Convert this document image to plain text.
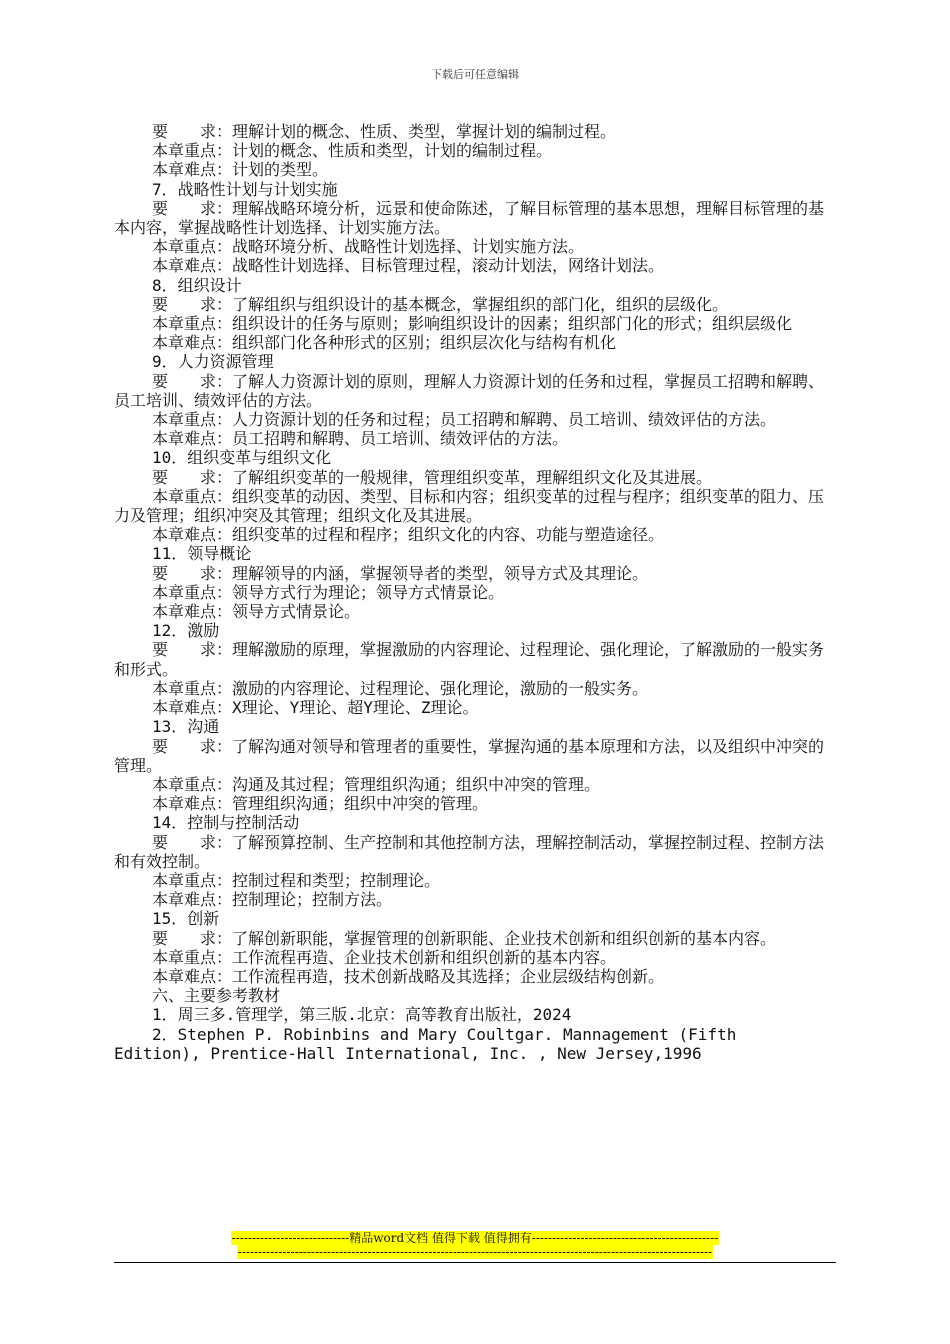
下载后可任意编辑

要　　求：理解计划的概念、性质、类型，掌握计划的编制过程。

本章重点：计划的概念、性质和类型，计划的编制过程。

本章难点：计划的类型。

7．战略性计划与计划实施

要　　求：理解战略环境分析，远景和使命陈述，了解目标管理的基本思想，理解目标管理的基本内容，掌握战略性计划选择、计划实施方法。

本章重点：战略环境分析、战略性计划选择、计划实施方法。

本章难点：战略性计划选择、目标管理过程，滚动计划法，网络计划法。

8．组织设计

要　　求：了解组织与组织设计的基本概念，掌握组织的部门化，组织的层级化。

本章重点：组织设计的任务与原则；影响组织设计的因素；组织部门化的形式；组织层级化

本章难点：组织部门化各种形式的区别；组织层次化与结构有机化

9．人力资源管理

要　　求：了解人力资源计划的原则，理解人力资源计划的任务和过程，掌握员工招聘和解聘、员工培训、绩效评估的方法。

本章重点：人力资源计划的任务和过程；员工招聘和解聘、员工培训、绩效评估的方法。

本章难点：员工招聘和解聘、员工培训、绩效评估的方法。

10．组织变革与组织文化

要　　求：了解组织变革的一般规律，管理组织变革，理解组织文化及其进展。

本章重点：组织变革的动因、类型、目标和内容；组织变革的过程与程序；组织变革的阻力、压力及管理；组织冲突及其管理；组织文化及其进展。

本章难点：组织变革的过程和程序；组织文化的内容、功能与塑造途径。

11．领导概论

要　　求：理解领导的内涵，掌握领导者的类型，领导方式及其理论。

本章重点：领导方式行为理论；领导方式情景论。

本章难点：领导方式情景论。

12．激励

要　　求：理解激励的原理，掌握激励的内容理论、过程理论、强化理论，了解激励的一般实务和形式。

本章重点：激励的内容理论、过程理论、强化理论，激励的一般实务。

本章难点：X理论、Y理论、超Y理论、Z理论。

13．沟通

要　　求：了解沟通对领导和管理者的重要性，掌握沟通的基本原理和方法，以及组织中冲突的管理。

本章重点：沟通及其过程；管理组织沟通；组织中冲突的管理。

本章难点：管理组织沟通；组织中冲突的管理。

14．控制与控制活动

要　　求：了解预算控制、生产控制和其他控制方法，理解控制活动，掌握控制过程、控制方法和有效控制。

本章重点：控制过程和类型；控制理论。

本章难点：控制理论；控制方法。

15．创新

要　　求：了解创新职能，掌握管理的创新职能、企业技术创新和组织创新的基本内容。

本章重点：工作流程再造、企业技术创新和组织创新的基本内容。

本章难点：工作流程再造，技术创新战略及其选择；企业层级结构创新。

六、主要参考教材

1．周三多.管理学，第三版.北京：高等教育出版社，2024

2．Stephen P. Robinbins and Mary Coultgar. Mannagement (Fifth Edition), Prentice-Hall International, Inc. , New Jersey,1996

-----------------------------精品word文档 值得下载 值得拥有----------------------------------------------
---------------------------------------------------------------------------------------------------------------------
